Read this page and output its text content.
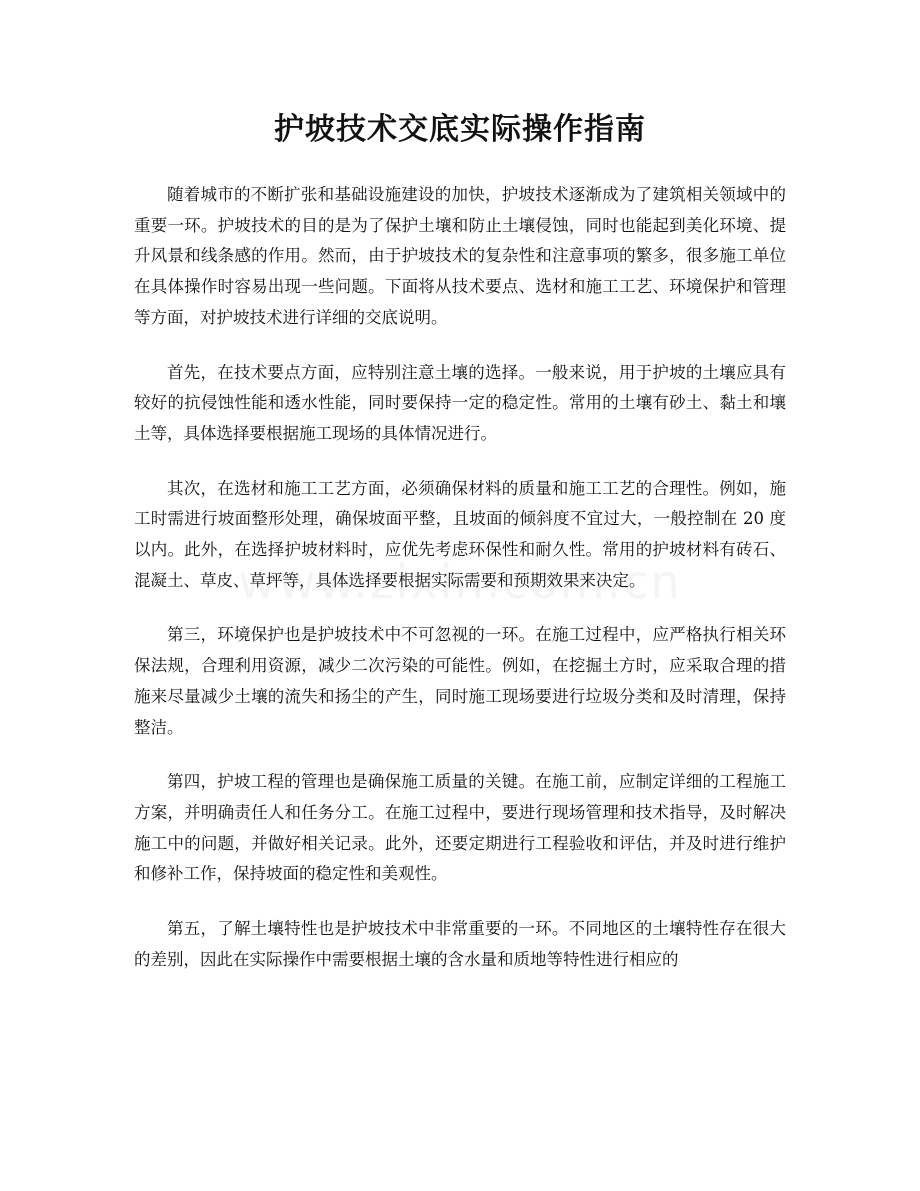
护坡技术交底实际操作指南

随着城市的不断扩张和基础设施建设的加快，护坡技术逐渐成为了建筑相关领域中的重要一环。护坡技术的目的是为了保护土壤和防止土壤侵蚀，同时也能起到美化环境、提升风景和线条感的作用。然而，由于护坡技术的复杂性和注意事项的繁多，很多施工单位在具体操作时容易出现一些问题。下面将从技术要点、选材和施工工艺、环境保护和管理等方面，对护坡技术进行详细的交底说明。

首先，在技术要点方面，应特别注意土壤的选择。一般来说，用于护坡的土壤应具有较好的抗侵蚀性能和透水性能，同时要保持一定的稳定性。常用的土壤有砂土、黏土和壤土等，具体选择要根据施工现场的具体情况进行。

其次，在选材和施工工艺方面，必须确保材料的质量和施工工艺的合理性。例如，施工时需进行坡面整形处理，确保坡面平整，且坡面的倾斜度不宜过大，一般控制在 20 度以内。此外，在选择护坡材料时，应优先考虑环保性和耐久性。常用的护坡材料有砖石、混凝土、草皮、草坪等，具体选择要根据实际需要和预期效果来决定。

第三，环境保护也是护坡技术中不可忽视的一环。在施工过程中，应严格执行相关环保法规，合理利用资源，减少二次污染的可能性。例如，在挖掘土方时，应采取合理的措施来尽量减少土壤的流失和扬尘的产生，同时施工现场要进行垃圾分类和及时清理，保持整洁。

第四，护坡工程的管理也是确保施工质量的关键。在施工前，应制定详细的工程施工方案，并明确责任人和任务分工。在施工过程中，要进行现场管理和技术指导，及时解决施工中的问题，并做好相关记录。此外，还要定期进行工程验收和评估，并及时进行维护和修补工作，保持坡面的稳定性和美观性。

第五，了解土壤特性也是护坡技术中非常重要的一环。不同地区的土壤特性存在很大的差别，因此在实际操作中需要根据土壤的含水量和质地等特性进行相应的
